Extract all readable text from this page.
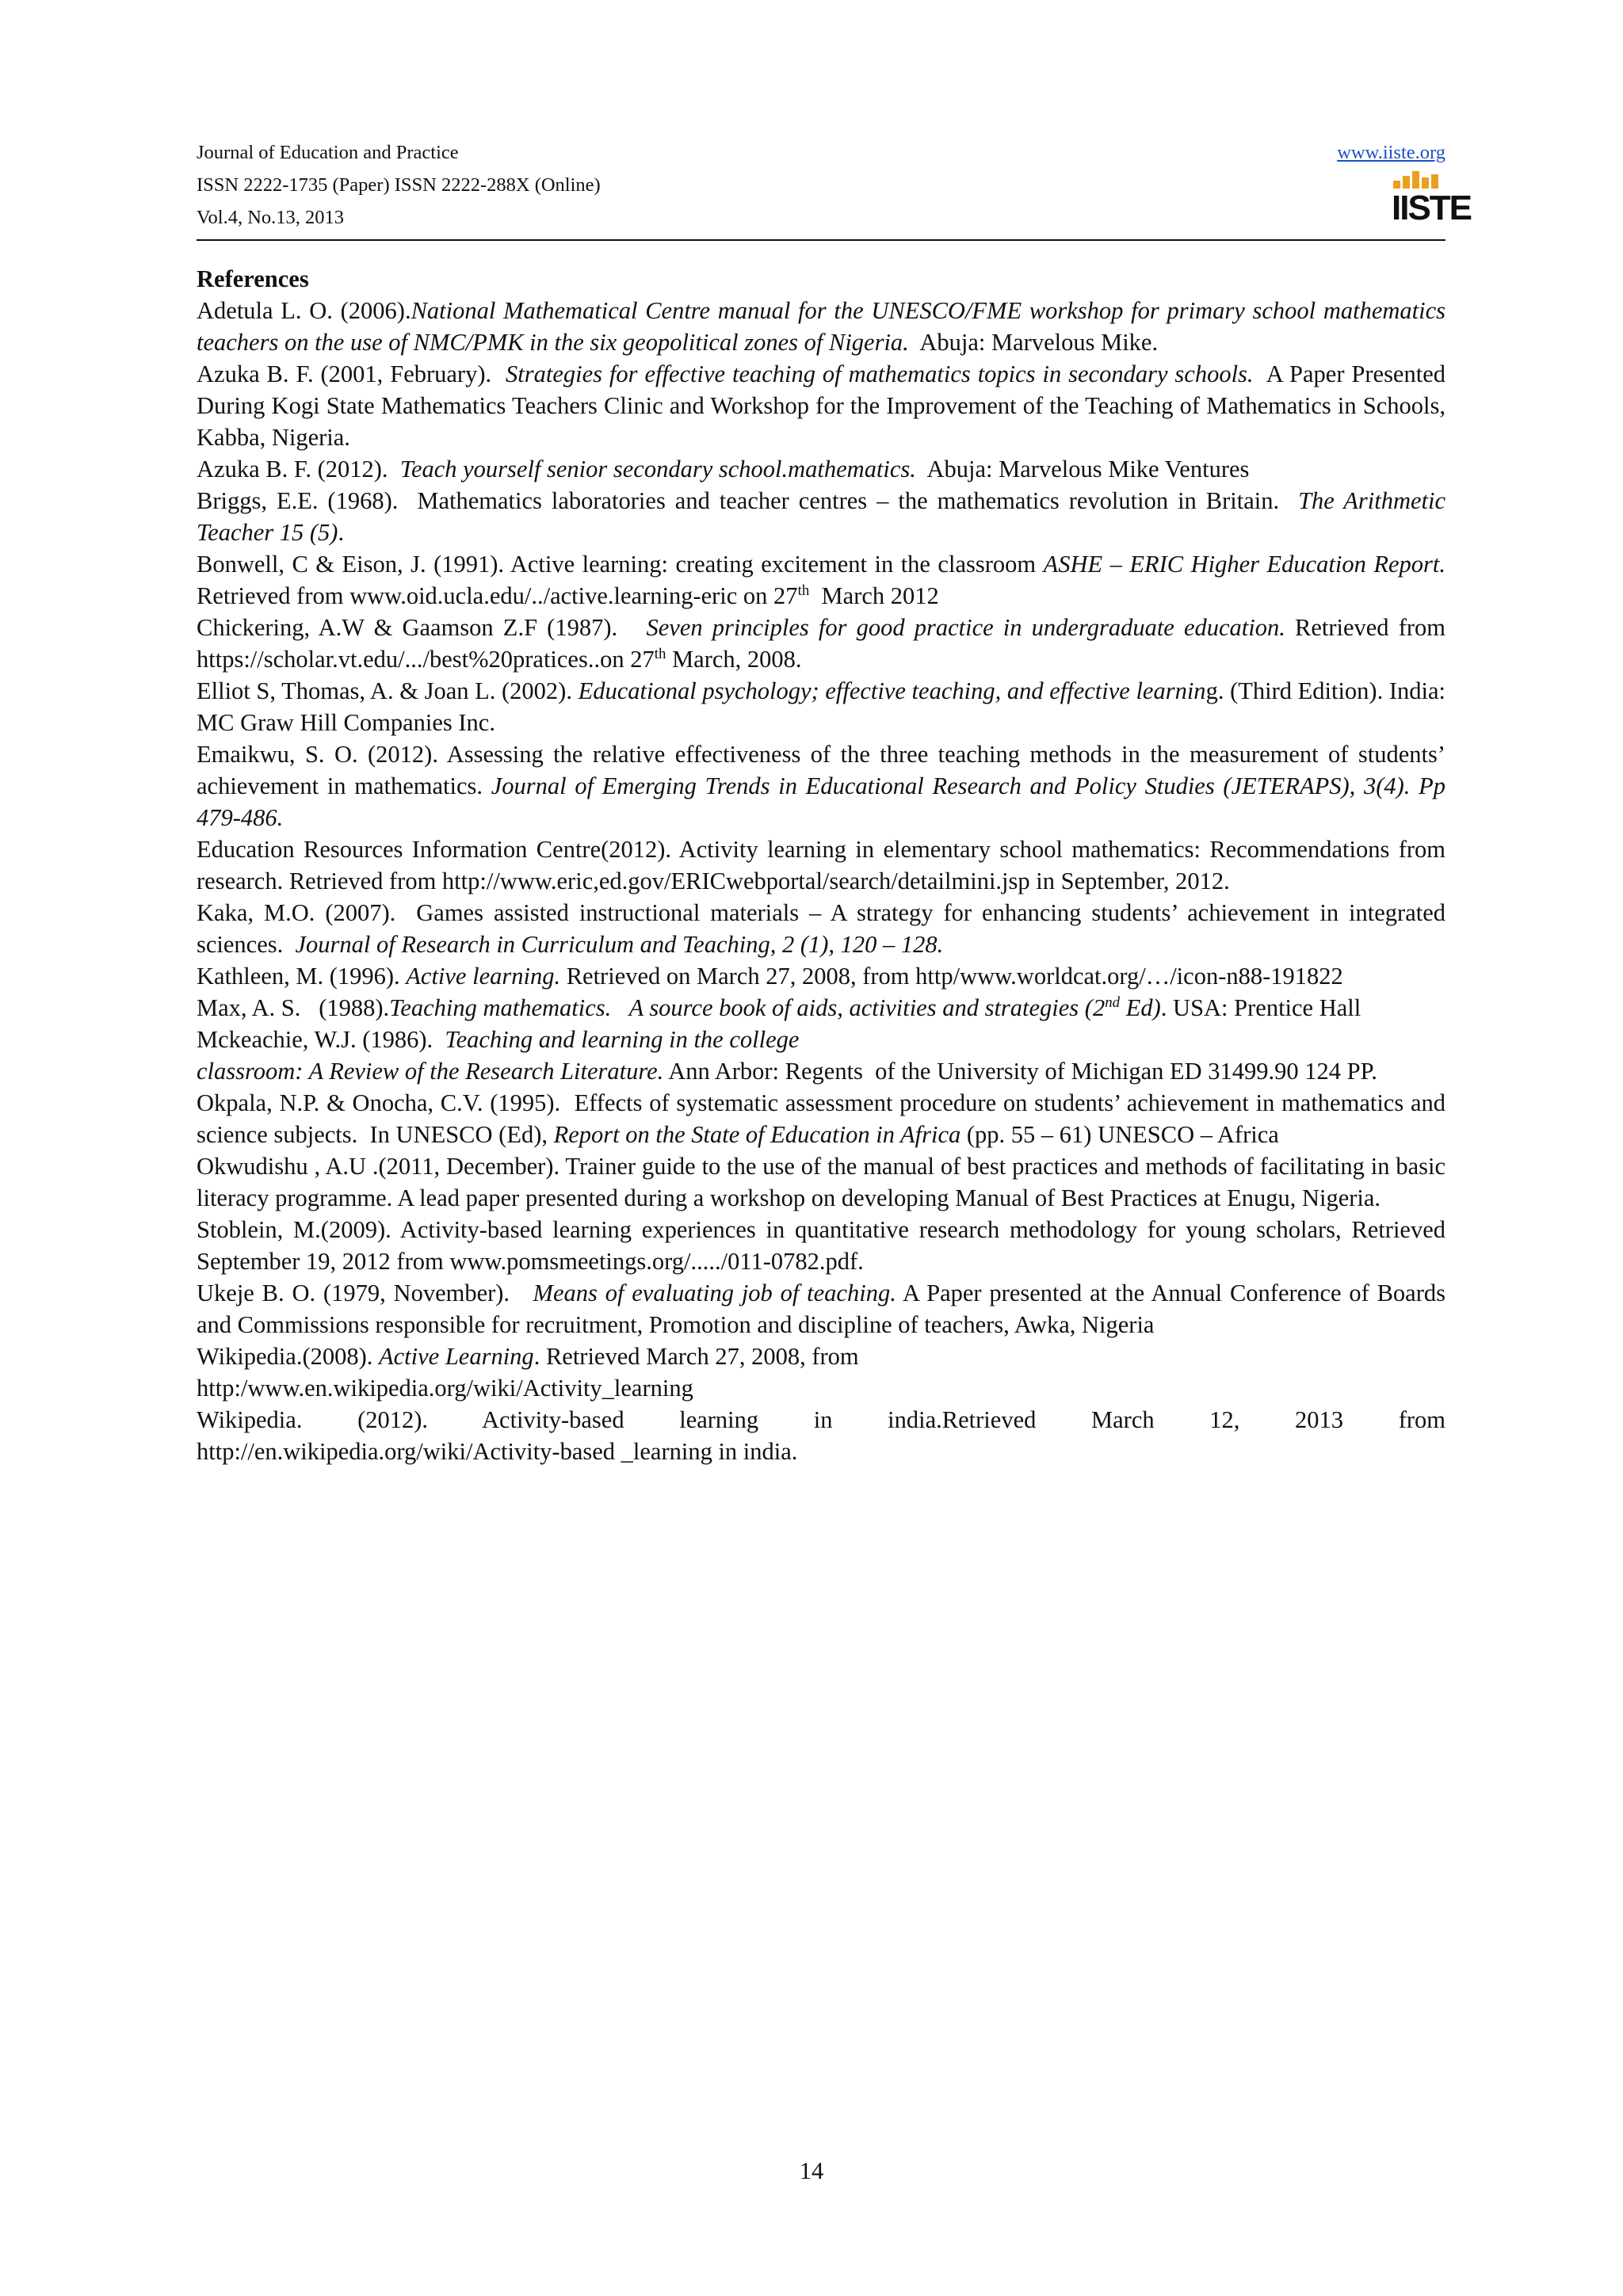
Journal of Education and Practice
ISSN 2222-1735 (Paper) ISSN 2222-288X (Online)
Vol.4, No.13, 2013
www.iiste.org
IISTE

References

Adetula L. O. (2006).National Mathematical Centre manual for the UNESCO/FME workshop for primary school mathematics teachers on the use of NMC/PMK in the six geopolitical zones of Nigeria.  Abuja: Marvelous Mike.

Azuka B. F. (2001, February).  Strategies for effective teaching of mathematics topics in secondary schools.  A Paper Presented During Kogi State Mathematics Teachers Clinic and Workshop for the Improvement of the Teaching of Mathematics in Schools, Kabba, Nigeria.

Azuka B. F. (2012).  Teach yourself senior secondary school.mathematics.  Abuja: Marvelous Mike Ventures

Briggs, E.E. (1968).  Mathematics laboratories and teacher centres – the mathematics revolution in Britain.  The Arithmetic Teacher 15 (5).

Bonwell, C & Eison, J. (1991). Active learning: creating excitement in the classroom ASHE – ERIC Higher Education Report. Retrieved from www.oid.ucla.edu/../active.learning-eric on 27th  March 2012

Chickering, A.W & Gaamson Z.F (1987).   Seven principles for good practice in undergraduate education. Retrieved from  https://scholar.vt.edu/.../best%20pratices..on 27th March, 2008.

Elliot S, Thomas, A. & Joan L. (2002). Educational psychology; effective teaching, and effective learning. (Third Edition). India: MC Graw Hill Companies Inc.

Emaikwu, S. O. (2012). Assessing the relative effectiveness of the three teaching methods in the measurement of students’ achievement in mathematics. Journal of Emerging Trends in Educational Research and Policy Studies (JETERAPS), 3(4). Pp 479-486.

Education Resources Information Centre(2012). Activity learning in elementary school mathematics: Recommendations from research. Retrieved from http://www.eric,ed.gov/ERICwebportal/search/detailmini.jsp in September, 2012.

Kaka, M.O. (2007).  Games assisted instructional materials – A strategy for enhancing students’ achievement in integrated sciences.  Journal of Research in Curriculum and Teaching, 2 (1), 120 – 128.

Kathleen, M. (1996). Active learning. Retrieved on March 27, 2008, from http/www.worldcat.org/…/icon-n88-191822

Max, A. S.   (1988).Teaching mathematics.   A source book of aids, activities and strategies (2nd Ed). USA: Prentice Hall

Mckeachie, W.J. (1986).  Teaching and learning in the college

classroom: A Review of the Research Literature. Ann Arbor: Regents  of the University of Michigan ED 31499.90 124 PP.

Okpala, N.P. & Onocha, C.V. (1995).  Effects of systematic assessment procedure on students’ achievement in mathematics and science subjects.  In UNESCO (Ed), Report on the State of Education in Africa (pp. 55 – 61) UNESCO – Africa

Okwudishu , A.U .(2011, December). Trainer guide to the use of the manual of best practices and methods of facilitating in basic literacy programme. A lead paper presented during a workshop on developing Manual of Best Practices at Enugu, Nigeria.

Stoblein, M.(2009). Activity-based learning experiences in quantitative research methodology for young scholars, Retrieved September 19, 2012 from www.pomsmeetings.org/...../011-0782.pdf.

Ukeje B. O. (1979, November).   Means of evaluating job of teaching. A Paper presented at the Annual Conference of Boards and Commissions responsible for recruitment, Promotion and discipline of teachers, Awka, Nigeria

Wikipedia.(2008). Active Learning. Retrieved March 27, 2008, from

http:/www.en.wikipedia.org/wiki/Activity_learning

Wikipedia.   (2012).   Activity-based   learning   in   india.Retrieved   March   12,   2013   from

http://en.wikipedia.org/wiki/Activity-based _learning in india.

14
